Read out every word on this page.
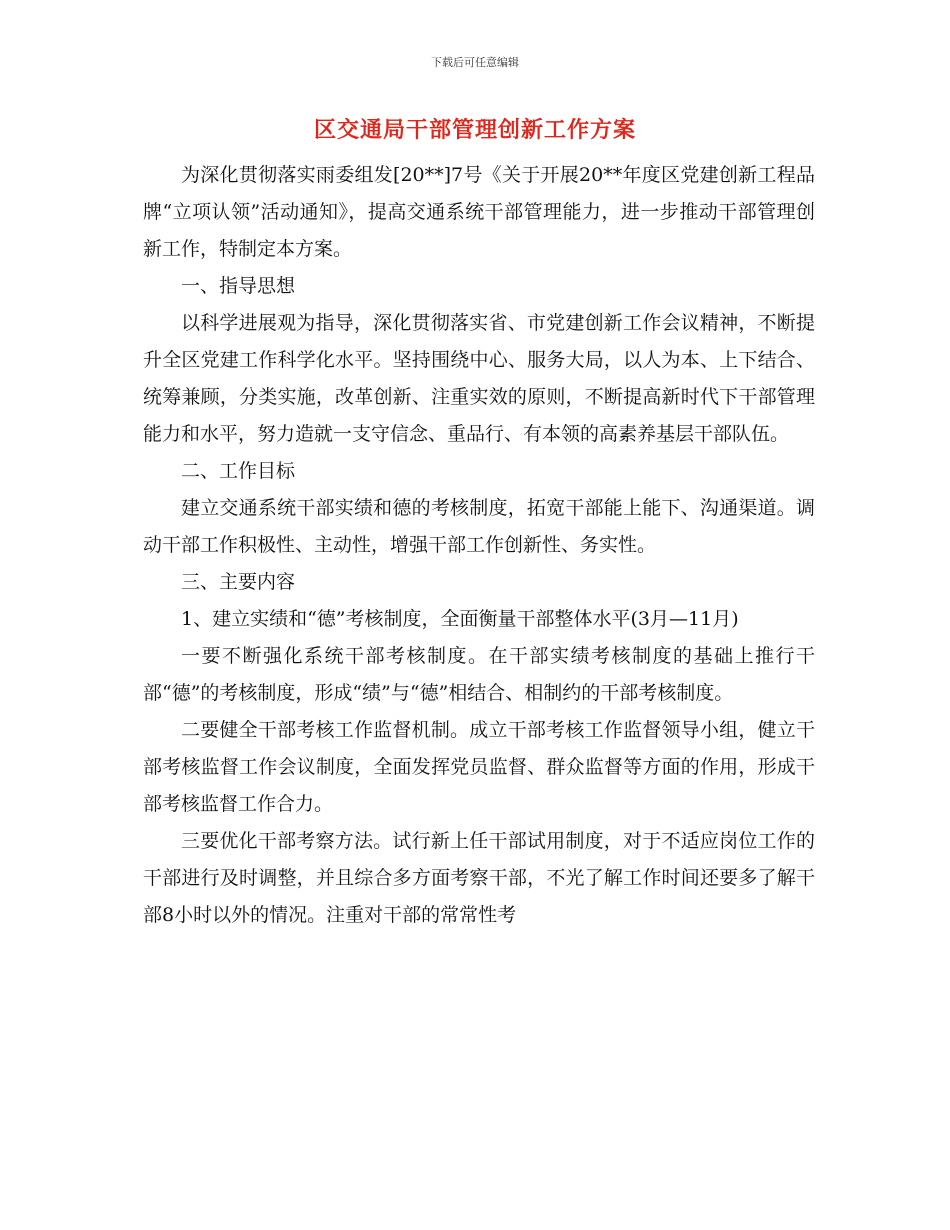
下载后可任意编辑
区交通局干部管理创新工作方案

为深化贯彻落实雨委组发[20**]7号《关于开展20**年度区党建创新工程品牌“立项认领”活动通知》，提高交通系统干部管理能力，进一步推动干部管理创新工作，特制定本方案。

一、指导思想

以科学进展观为指导，深化贯彻落实省、市党建创新工作会议精神，不断提升全区党建工作科学化水平。坚持围绕中心、服务大局，以人为本、上下结合、统筹兼顾，分类实施，改革创新、注重实效的原则，不断提高新时代下干部管理能力和水平，努力造就一支守信念、重品行、有本领的高素养基层干部队伍。

二、工作目标

建立交通系统干部实绩和德的考核制度，拓宽干部能上能下、沟通渠道。调动干部工作积极性、主动性，增强干部工作创新性、务实性。

三、主要内容

1、建立实绩和“德”考核制度，全面衡量干部整体水平(3月—11月)

一要不断强化系统干部考核制度。在干部实绩考核制度的基础上推行干部“德”的考核制度，形成“绩”与“德”相结合、相制约的干部考核制度。

二要健全干部考核工作监督机制。成立干部考核工作监督领导小组，健立干部考核监督工作会议制度，全面发挥党员监督、群众监督等方面的作用，形成干部考核监督工作合力。

三要优化干部考察方法。试行新上任干部试用制度，对于不适应岗位工作的干部进行及时调整，并且综合多方面考察干部，不光了解工作时间还要多了解干部8小时以外的情况。注重对干部的常常性考
